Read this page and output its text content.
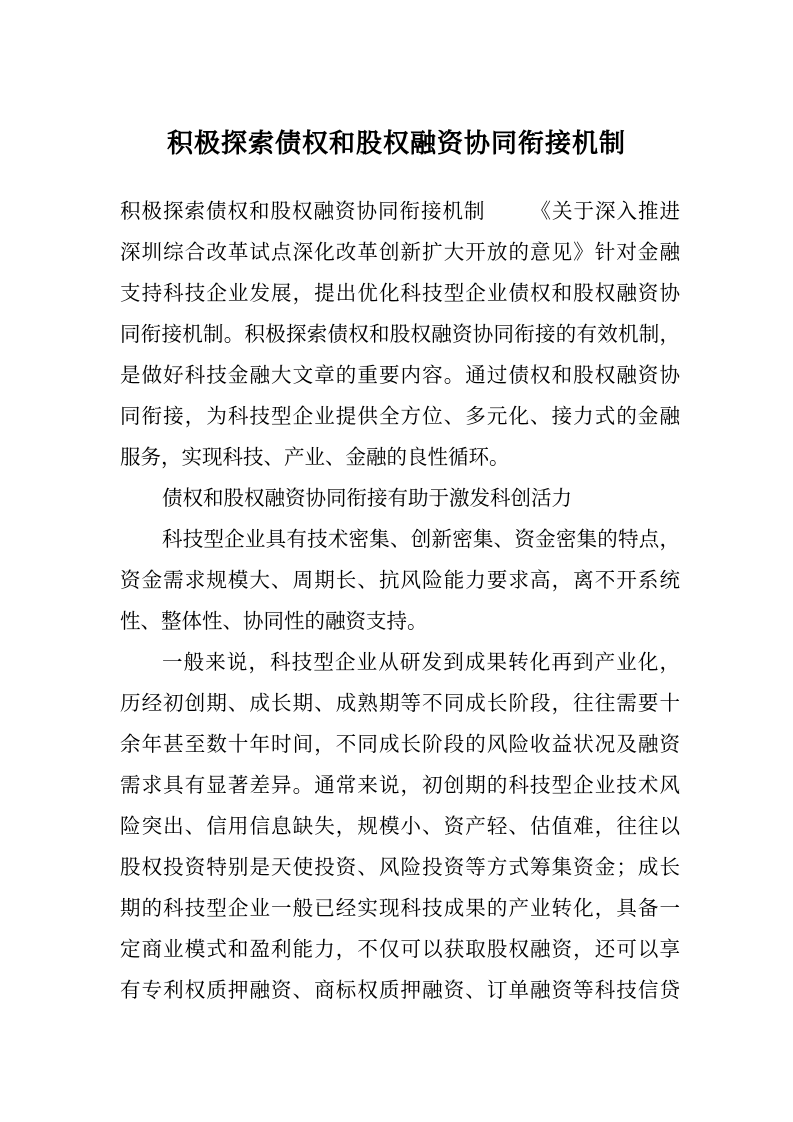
积极探索债权和股权融资协同衔接机制
积极探索债权和股权融资协同衔接机制 《关于深入推进
深圳综合改革试点深化改革创新扩大开放的意见》针对金融
支持科技企业发展，提出优化科技型企业债权和股权融资协
同衔接机制。积极探索债权和股权融资协同衔接的有效机制，
是做好科技金融大文章的重要内容。通过债权和股权融资协
同衔接，为科技型企业提供全方位、多元化、接力式的金融
服务，实现科技、产业、金融的良性循环。
债权和股权融资协同衔接有助于激发科创活力
科技型企业具有技术密集、创新密集、资金密集的特点，
资金需求规模大、周期长、抗风险能力要求高，离不开系统
性、整体性、协同性的融资支持。
一般来说，科技型企业从研发到成果转化再到产业化，
历经初创期、成长期、成熟期等不同成长阶段，往往需要十
余年甚至数十年时间，不同成长阶段的风险收益状况及融资
需求具有显著差异。通常来说，初创期的科技型企业技术风
险突出、信用信息缺失，规模小、资产轻、估值难，往往以
股权投资特别是天使投资、风险投资等方式筹集资金；成长
期的科技型企业一般已经实现科技成果的产业转化，具备一
定商业模式和盈利能力，不仅可以获取股权融资，还可以享
有专利权质押融资、商标权质押融资、订单融资等科技信贷
